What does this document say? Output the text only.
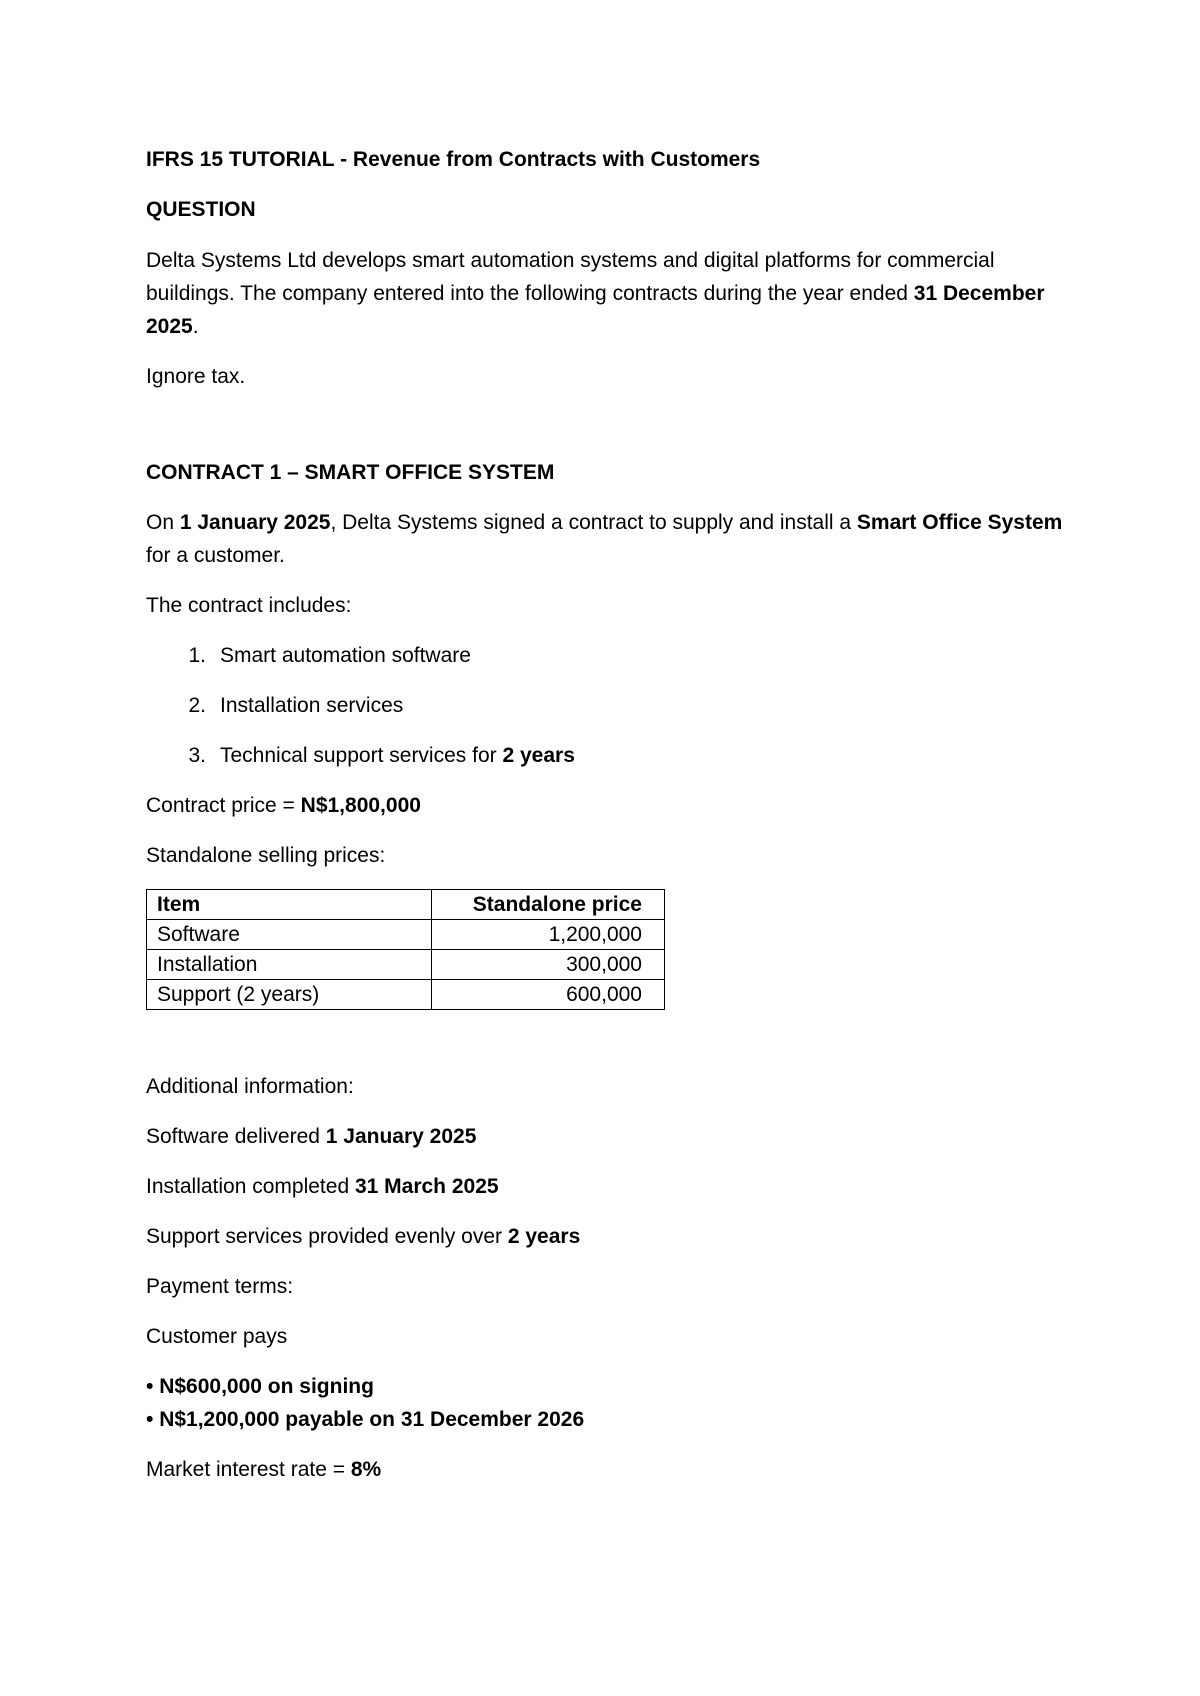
IFRS 15 TUTORIAL - Revenue from Contracts with Customers

QUESTION

Delta Systems Ltd develops smart automation systems and digital platforms for commercial buildings. The company entered into the following contracts during the year ended 31 December 2025.

Ignore tax.

CONTRACT 1 – SMART OFFICE SYSTEM

On 1 January 2025, Delta Systems signed a contract to supply and install a Smart Office System for a customer.

The contract includes:

1. Smart automation software
2. Installation services
3. Technical support services for 2 years

Contract price = N$1,800,000

Standalone selling prices:

Item	Standalone price
Software	1,200,000
Installation	300,000
Support (2 years)	600,000

Additional information:

Software delivered 1 January 2025

Installation completed 31 March 2025

Support services provided evenly over 2 years

Payment terms:

Customer pays

• N$600,000 on signing

• N$1,200,000 payable on 31 December 2026

Market interest rate = 8%
